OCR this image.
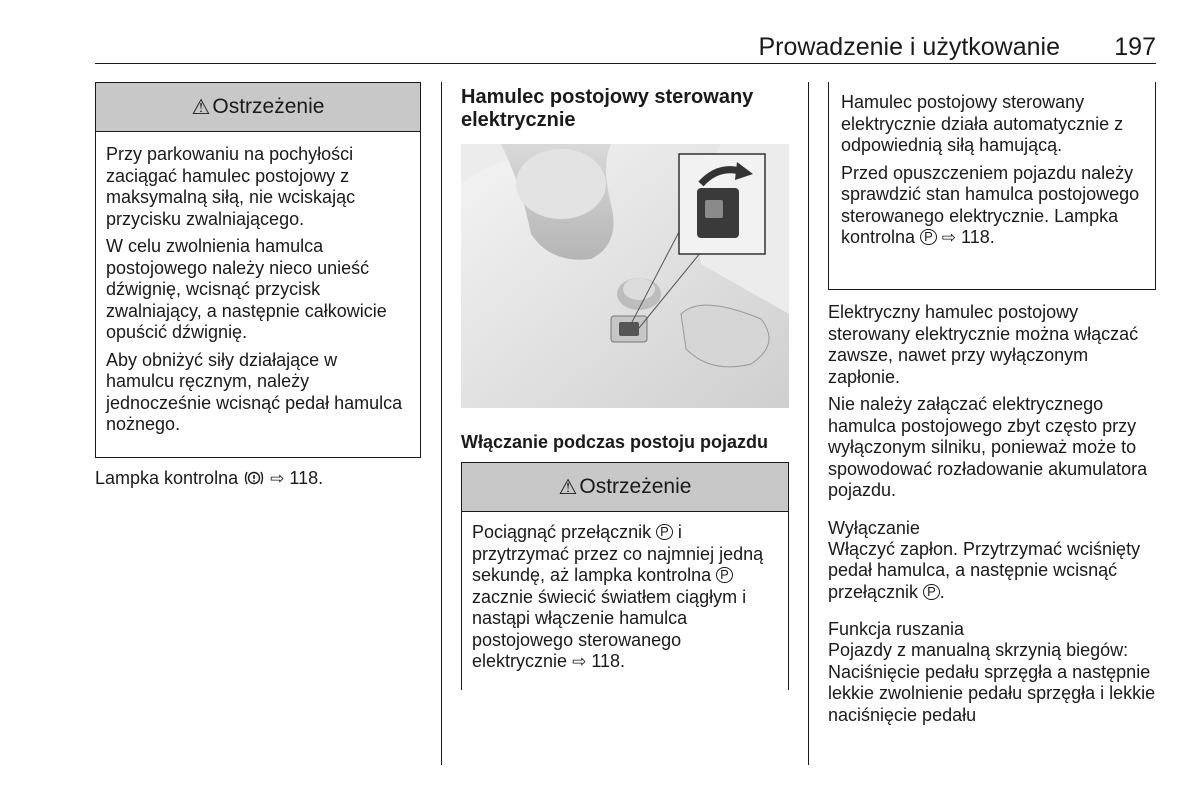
Prowadzenie i użytkowanie	197
⚠ Ostrzeżenie

Przy parkowaniu na pochyłości zaciągać hamulec postojowy z maksymalną siłą, nie wciskając przycisku zwalniającego.

W celu zwolnienia hamulca postojowego należy nieco unieść dźwignię, wcisnąć przycisk zwalniający, a następnie całkowicie opuścić dźwignię.

Aby obniżyć siły działające w hamulcu ręcznym, należy jednocześnie wcisnąć pedał hamulca nożnego.

Lampka kontrolna ⇨ 118.
Hamulec postojowy sterowany elektrycznie
Włączanie podczas postoju pojazdu
⚠ Ostrzeżenie
Pociągnąć przełącznik P i przytrzymać przez co najmniej jedną sekundę, aż lampka kontrolna P zacznie świecić światłem ciągłym i nastąpi włączenie hamulca postojowego sterowanego elektrycznie ⇨ 118.

Hamulec postojowy sterowany elektrycznie działa automatycznie z odpowiednią siłą hamującą.

Przed opuszczeniem pojazdu należy sprawdzić stan hamulca postojowego sterowanego elektrycznie. Lampka kontrolna P ⇨ 118.

Elektryczny hamulec postojowy sterowany elektrycznie można włączać zawsze, nawet przy wyłączonym zapłonie.

Nie należy załączać elektrycznego hamulca postojowego zbyt często przy wyłączonym silniku, ponieważ może to spowodować rozładowanie akumulatora pojazdu.

Wyłączanie

Włączyć zapłon. Przytrzymać wciśnięty pedał hamulca, a następnie wcisnąć przełącznik P .

Funkcja ruszania

Pojazdy z manualną skrzynią biegów: Naciśnięcie pedału sprzęgła a następnie lekkie zwolnienie pedału sprzęgła i lekkie naciśnięcie pedału
